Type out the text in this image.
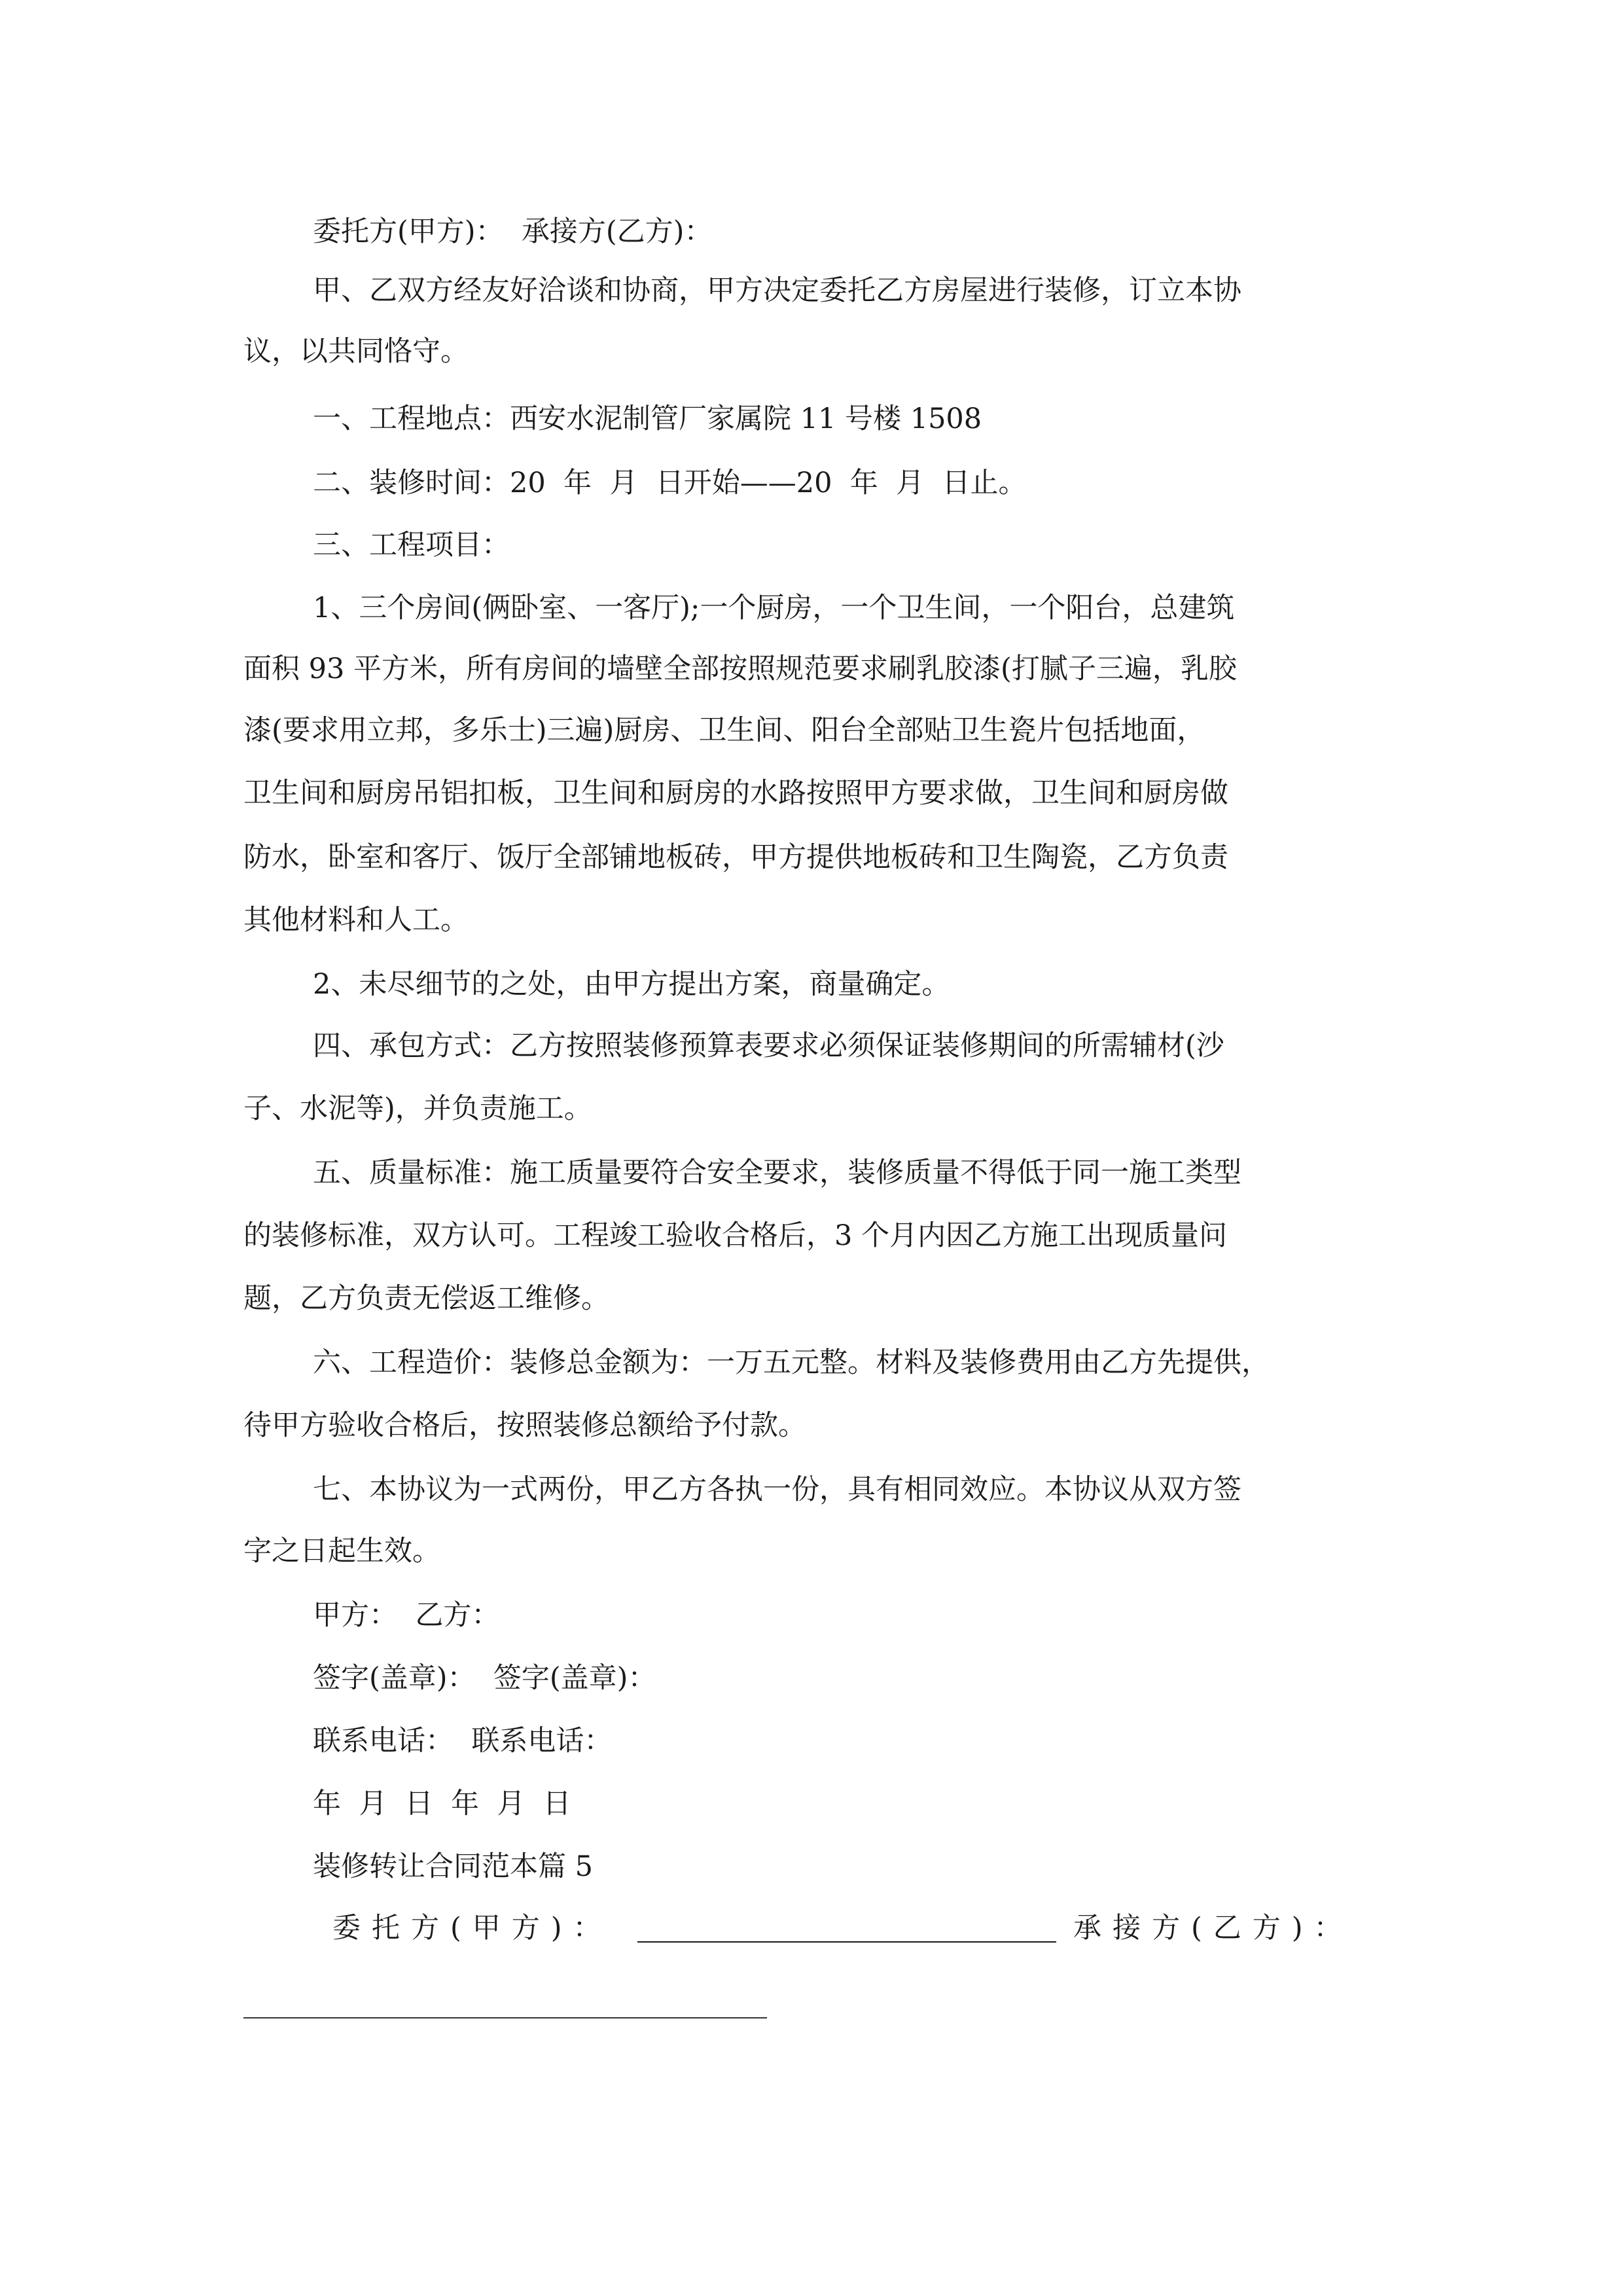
委托方(甲方)：  承接方(乙方)：
甲、乙双方经友好洽谈和协商，甲方决定委托乙方房屋进行装修，订立本协
议，以共同恪守。
一、工程地点：西安水泥制管厂家属院 11 号楼 1508
二、装修时间：20  年  月  日开始——20  年  月  日止。
三、工程项目：
1、三个房间(俩卧室、一客厅);一个厨房，一个卫生间，一个阳台，总建筑
面积 93 平方米，所有房间的墙壁全部按照规范要求刷乳胶漆(打腻子三遍，乳胶
漆(要求用立邦，多乐士)三遍)厨房、卫生间、阳台全部贴卫生瓷片包括地面，
卫生间和厨房吊铝扣板，卫生间和厨房的水路按照甲方要求做，卫生间和厨房做
防水，卧室和客厅、饭厅全部铺地板砖，甲方提供地板砖和卫生陶瓷，乙方负责
其他材料和人工。
2、未尽细节的之处，由甲方提出方案，商量确定。
四、承包方式：乙方按照装修预算表要求必须保证装修期间的所需辅材(沙
子、水泥等)，并负责施工。
五、质量标准：施工质量要符合安全要求，装修质量不得低于同一施工类型
的装修标准，双方认可。工程竣工验收合格后，3 个月内因乙方施工出现质量问
题，乙方负责无偿返工维修。
六、工程造价：装修总金额为：一万五元整。材料及装修费用由乙方先提供，
待甲方验收合格后，按照装修总额给予付款。
七、本协议为一式两份，甲乙方各执一份，具有相同效应。本协议从双方签
字之日起生效。
甲方：  乙方：
签字(盖章)：  签字(盖章)：
联系电话：  联系电话：
年  月  日  年  月  日
装修转让合同范本篇 5
委托方(甲方)：	承接方(乙方)：
